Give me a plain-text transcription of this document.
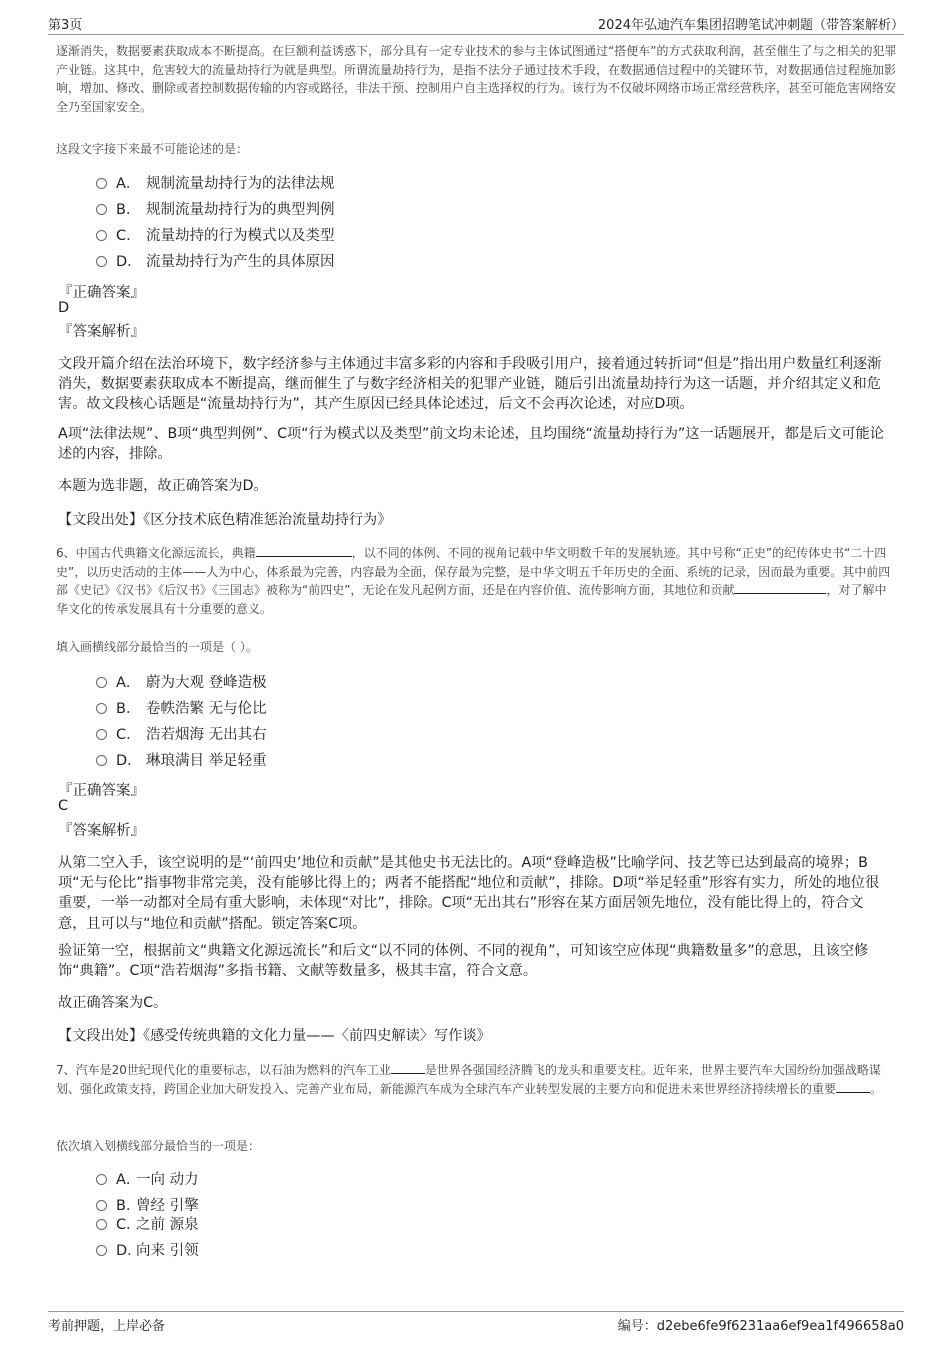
第3页	2024年弘迪汽车集团招聘笔试冲刺题（带答案解析）
逐渐消失，数据要素获取成本不断提高。在巨额利益诱惑下，部分具有一定专业技术的参与主体试图通过“搭便车”的方式获取利润，甚至催生了与之相关的犯罪产业链。这其中，危害较大的流量劫持行为就是典型。所谓流量劫持行为，是指不法分子通过技术手段，在数据通信过程中的关键环节，对数据通信过程施加影响，增加、修改、删除或者控制数据传输的内容或路径，非法干预、控制用户自主选择权的行为。该行为不仅破坏网络市场正常经营秩序，甚至可能危害网络安全乃至国家安全。
这段文字接下来最不可能论述的是：
A． 规制流量劫持行为的法律法规
B． 规制流量劫持行为的典型判例
C． 流量劫持的行为模式以及类型
D． 流量劫持行为产生的具体原因
『正确答案』
D
『答案解析』
文段开篇介绍在法治环境下，数字经济参与主体通过丰富多彩的内容和手段吸引用户，接着通过转折词“但是”指出用户数量红利逐渐消失，数据要素获取成本不断提高，继而催生了与数字经济相关的犯罪产业链，随后引出流量劫持行为这一话题，并介绍其定义和危害。故文段核心话题是“流量劫持行为”，其产生原因已经具体论述过，后文不会再次论述，对应D项。
A项“法律法规”、B项“典型判例”、C项“行为模式以及类型”前文均未论述，且均围绕“流量劫持行为”这一话题展开，都是后文可能论述的内容，排除。
本题为选非题，故正确答案为D。
【文段出处】《区分技术底色精准惩治流量劫持行为》
6、中国古代典籍文化源远流长，典籍	，以不同的体例、不同的视角记载中华文明数千年的发展轨迹。其中号称“正史”的纪传体史书“二十四史”，以历史活动的主体——人为中心，体系最为完善，内容最为全面，保存最为完整，是中华文明五千年历史的全面、系统的记录，因而最为重要。其中前四部《史记》《汉书》《后汉书》《三国志》被称为“前四史”，无论在发凡起例方面，还是在内容价值、流传影响方面，其地位和贡献	，对了解中华文化的传承发展具有十分重要的意义。
填入画横线部分最恰当的一项是（ ）。
A． 蔚为大观 登峰造极
B． 卷帙浩繁 无与伦比
C． 浩若烟海 无出其右
D． 琳琅满目 举足轻重
『正确答案』
C
『答案解析』
从第二空入手，该空说明的是“‘前四史’地位和贡献”是其他史书无法比的。A项“登峰造极”比喻学问、技艺等已达到最高的境界；B项“无与伦比”指事物非常完美，没有能够比得上的；两者不能搭配“地位和贡献”，排除。D项“举足轻重”形容有实力，所处的地位很重要，一举一动都对全局有重大影响，未体现“对比”，排除。C项“无出其右”形容在某方面居领先地位，没有能比得上的，符合文意，且可以与“地位和贡献”搭配。锁定答案C项。
验证第一空，根据前文“典籍文化源远流长”和后文“以不同的体例、不同的视角”，可知该空应体现“典籍数量多”的意思，且该空修饰“典籍”。C项“浩若烟海”多指书籍、文献等数量多，极其丰富，符合文意。
故正确答案为C。
【文段出处】《感受传统典籍的文化力量——〈前四史解读〉写作谈》
7、汽车是20世纪现代化的重要标志，以石油为燃料的汽车工业	是世界各强国经济腾飞的龙头和重要支柱。近年来，世界主要汽车大国纷纷加强战略谋划、强化政策支持，跨国企业加大研发投入、完善产业布局，新能源汽车成为全球汽车产业转型发展的主要方向和促进未来世界经济持续增长的重要	。
依次填入划横线部分最恰当的一项是：
A．一向 动力
B．曾经 引擎
C．之前 源泉
D．向来 引领
考前押题，上岸必备	编号：d2ebe6fe9f6231aa6ef9ea1f496658a0
